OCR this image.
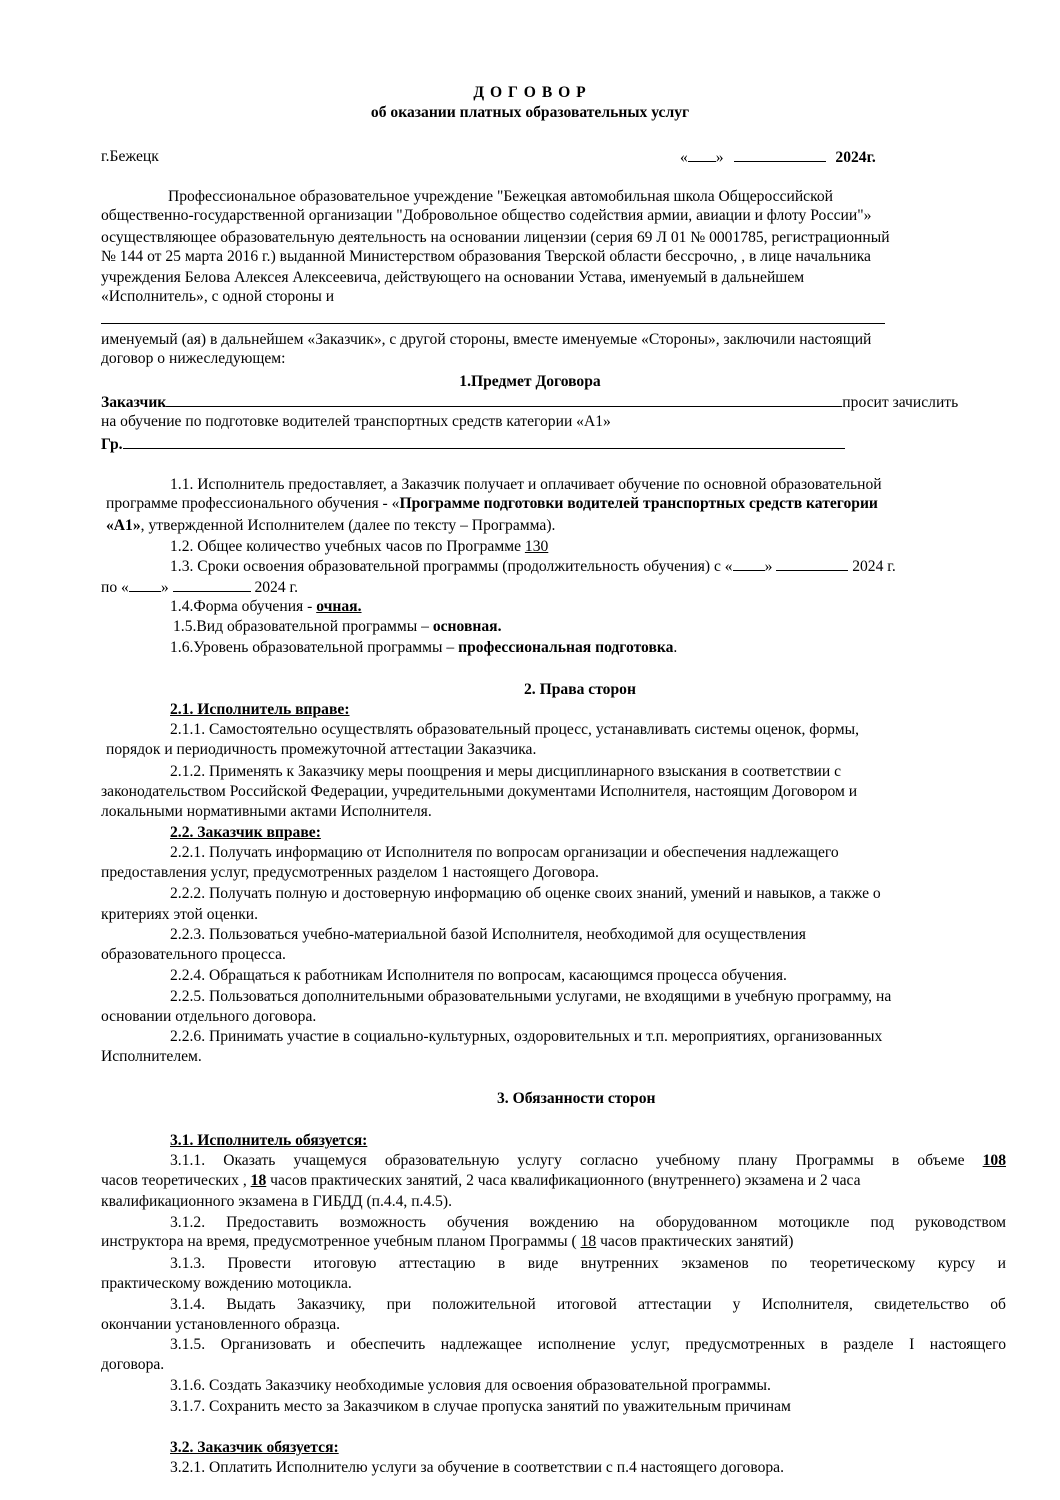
Д О Г О В О Р
об оказании платных образовательных услуг
г.Бежецк	« »	2024г.
Профессиональное образовательное учреждение "Бежецкая автомобильная школа Общероссийской
общественно-государственной организации "Добровольное общество содействия армии, авиации и флоту России"»
осуществляющее образовательную деятельность на основании лицензии (серия 69 Л 01 № 0001785, регистрационный
№ 144 от 25 марта 2016 г.) выданной Министерством образования Тверской области бессрочно, , в лице начальника
учреждения Белова Алексея Алексеевича, действующего на основании Устава, именуемый в дальнейшем
«Исполнитель», с одной стороны и
именуемый (ая) в дальнейшем «Заказчик», с другой стороны, вместе именуемые «Стороны», заключили настоящий
договор о нижеследующем:
1.Предмет Договора
Заказчик	просит зачислить
на обучение по подготовке водителей транспортных средств категории «А1»
Гр.
1.1. Исполнитель предоставляет, а Заказчик получает и оплачивает обучение по основной образовательной
программе профессионального обучения - «Программе подготовки водителей транспортных средств категории
«А1», утвержденной Исполнителем (далее по тексту – Программа).
1.2. Общее количество учебных часов по Программе 130
1.3. Сроки освоения образовательной программы (продолжительность обучения) с « »	2024 г.
по « »	2024 г.
1.4.Форма обучения - очная.
1.5.Вид образовательной программы – основная.
1.6.Уровень образовательной программы – профессиональная подготовка.
2. Права сторон
2.1. Исполнитель вправе:
2.1.1. Самостоятельно осуществлять образовательный процесс, устанавливать системы оценок, формы,
порядок и периодичность промежуточной аттестации Заказчика.
2.1.2. Применять к Заказчику меры поощрения и меры дисциплинарного взыскания в соответствии с
законодательством Российской Федерации, учредительными документами Исполнителя, настоящим Договором и
локальными нормативными актами Исполнителя.
2.2. Заказчик вправе:
2.2.1. Получать информацию от Исполнителя по вопросам организации и обеспечения надлежащего
предоставления услуг, предусмотренных разделом 1 настоящего Договора.
2.2.2. Получать полную и достоверную информацию об оценке своих знаний, умений и навыков, а также о
критериях этой оценки.
2.2.3. Пользоваться учебно-материальной базой Исполнителя, необходимой для осуществления
образовательного процесса.
2.2.4. Обращаться к работникам Исполнителя по вопросам, касающимся процесса обучения.
2.2.5. Пользоваться дополнительными образовательными услугами, не входящими в учебную программу, на
основании отдельного договора.
2.2.6. Принимать участие в социально-культурных, оздоровительных и т.п. мероприятиях, организованных
Исполнителем.
3. Обязанности сторон
3.1. Исполнитель обязуется:
3.1.1. Оказать учащемуся образовательную услугу согласно учебному плану Программы в объеме 108
часов теоретических , 18 часов практических занятий, 2 часа квалификационного (внутреннего) экзамена и 2 часа
квалификационного экзамена в ГИБДД (п.4.4, п.4.5).
3.1.2. Предоставить возможность обучения вождению на оборудованном мотоцикле под руководством
инструктора на время, предусмотренное учебным планом Программы ( 18 часов практических занятий)
3.1.3. Провести итоговую аттестацию в виде внутренних экзаменов по теоретическому курсу и
практическому вождению мотоцикла.
3.1.4. Выдать Заказчику, при положительной итоговой аттестации у Исполнителя, свидетельство об
окончании установленного образца.
3.1.5. Организовать и обеспечить надлежащее исполнение услуг, предусмотренных в разделе I настоящего
договора.
3.1.6. Создать Заказчику необходимые условия для освоения образовательной программы.
3.1.7. Сохранить место за Заказчиком в случае пропуска занятий по уважительным причинам
3.2. Заказчик обязуется:
3.2.1. Оплатить Исполнителю услуги за обучение в соответствии с п.4 настоящего договора.
